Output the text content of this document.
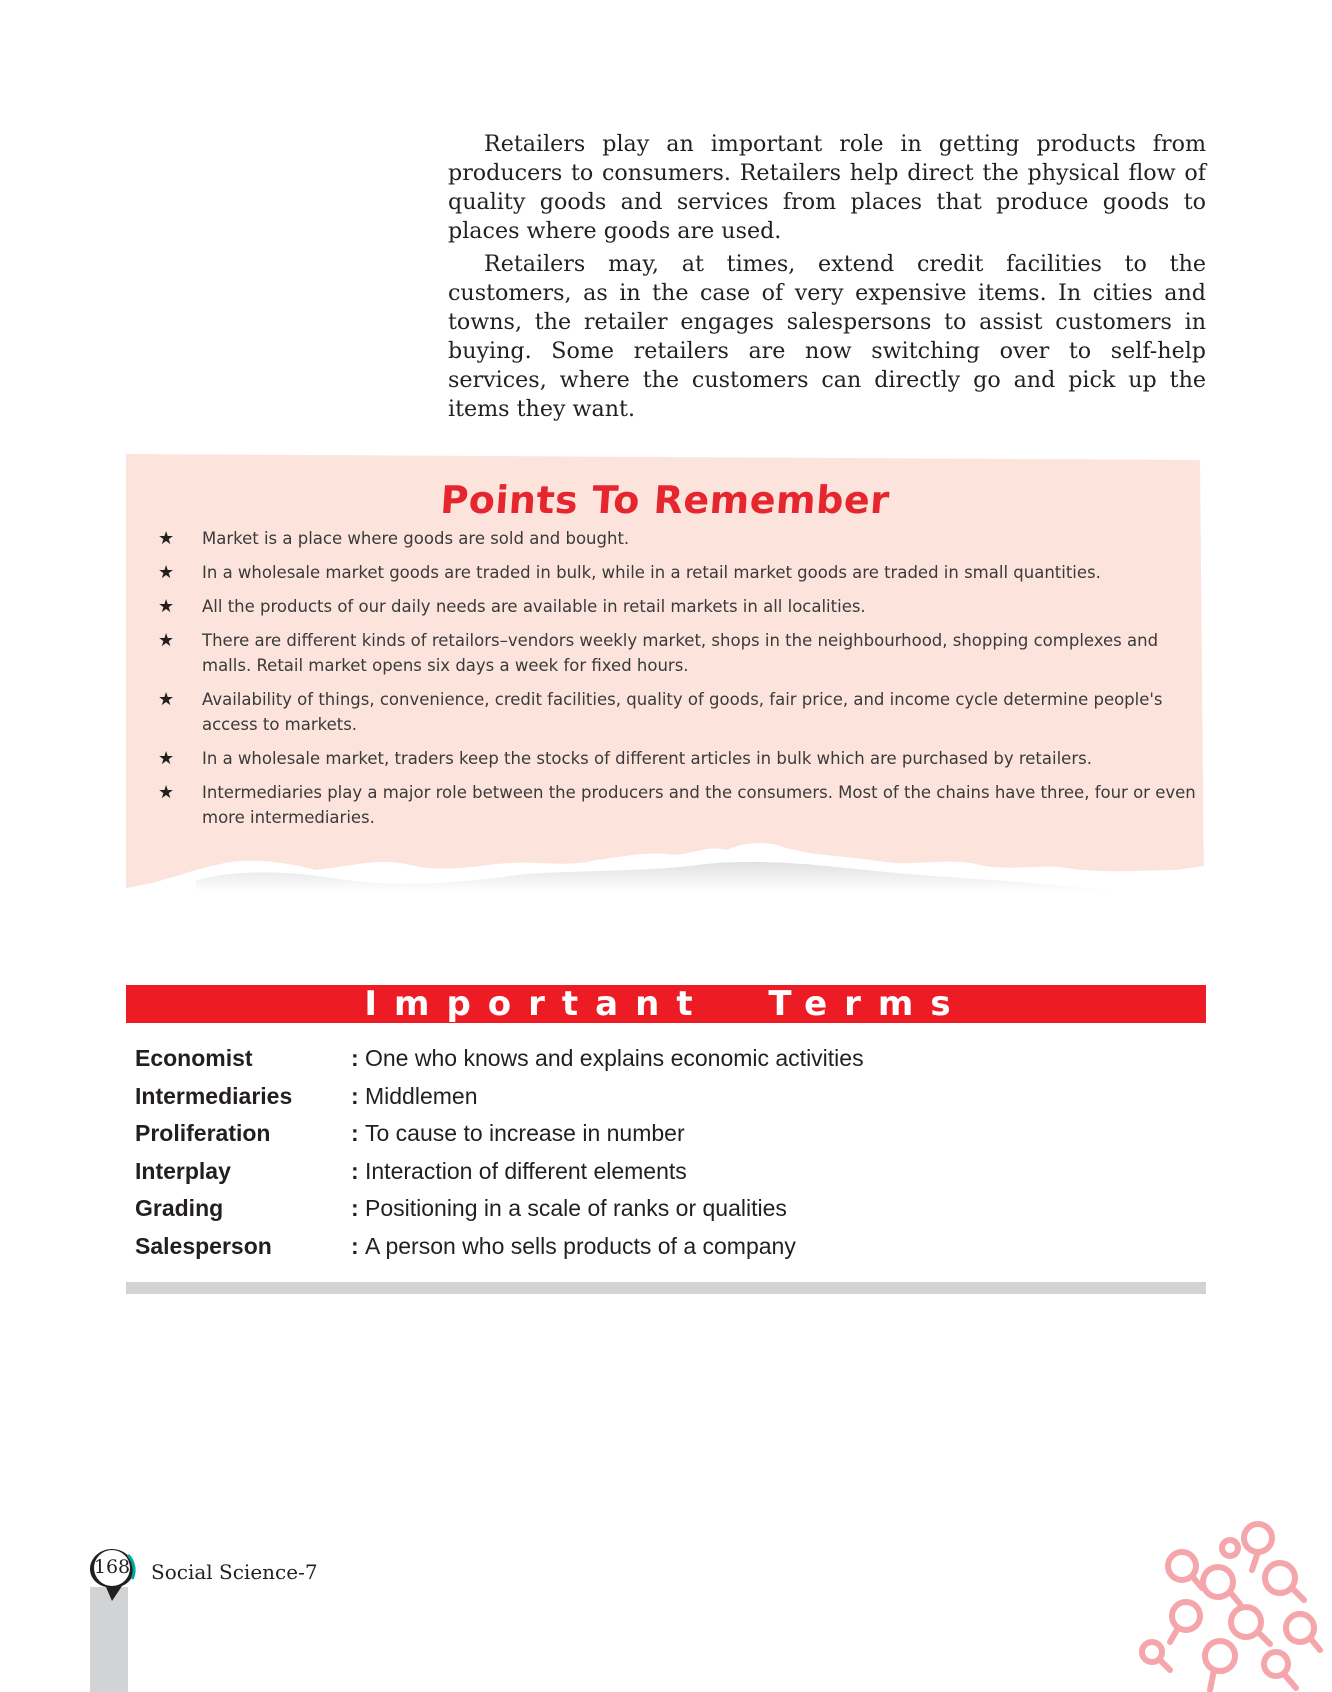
Retailers play an important role in getting products from producers to consumers. Retailers help direct the physical flow of quality goods and services from places that produce goods to places where goods are used.

Retailers may, at times, extend credit facilities to the customers, as in the case of very expensive items. In cities and towns, the retailer engages salespersons to assist customers in buying. Some retailers are now switching over to self-help services, where the customers can directly go and pick up the items they want.

Points To Remember
★ Market is a place where goods are sold and bought.
★ In a wholesale market goods are traded in bulk, while in a retail market goods are traded in small quantities.
★ All the products of our daily needs are available in retail markets in all localities.
★ There are different kinds of retailors–vendors weekly market, shops in the neighbourhood, shopping complexes and malls. Retail market opens six days a week for fixed hours.
★ Availability of things, convenience, credit facilities, quality of goods, fair price, and income cycle determine people's access to markets.
★ In a wholesale market, traders keep the stocks of different articles in bulk which are purchased by retailers.
★ Intermediaries play a major role between the producers and the consumers. Most of the chains have three, four or even more intermediaries.
Important Terms
Economist	: One who knows and explains economic activities
Intermediaries	: Middlemen
Proliferation	: To cause to increase in number
Interplay	: Interaction of different elements
Grading	: Positioning in a scale of ranks or qualities
Salesperson	: A person who sells products of a company
168 Social Science-7
